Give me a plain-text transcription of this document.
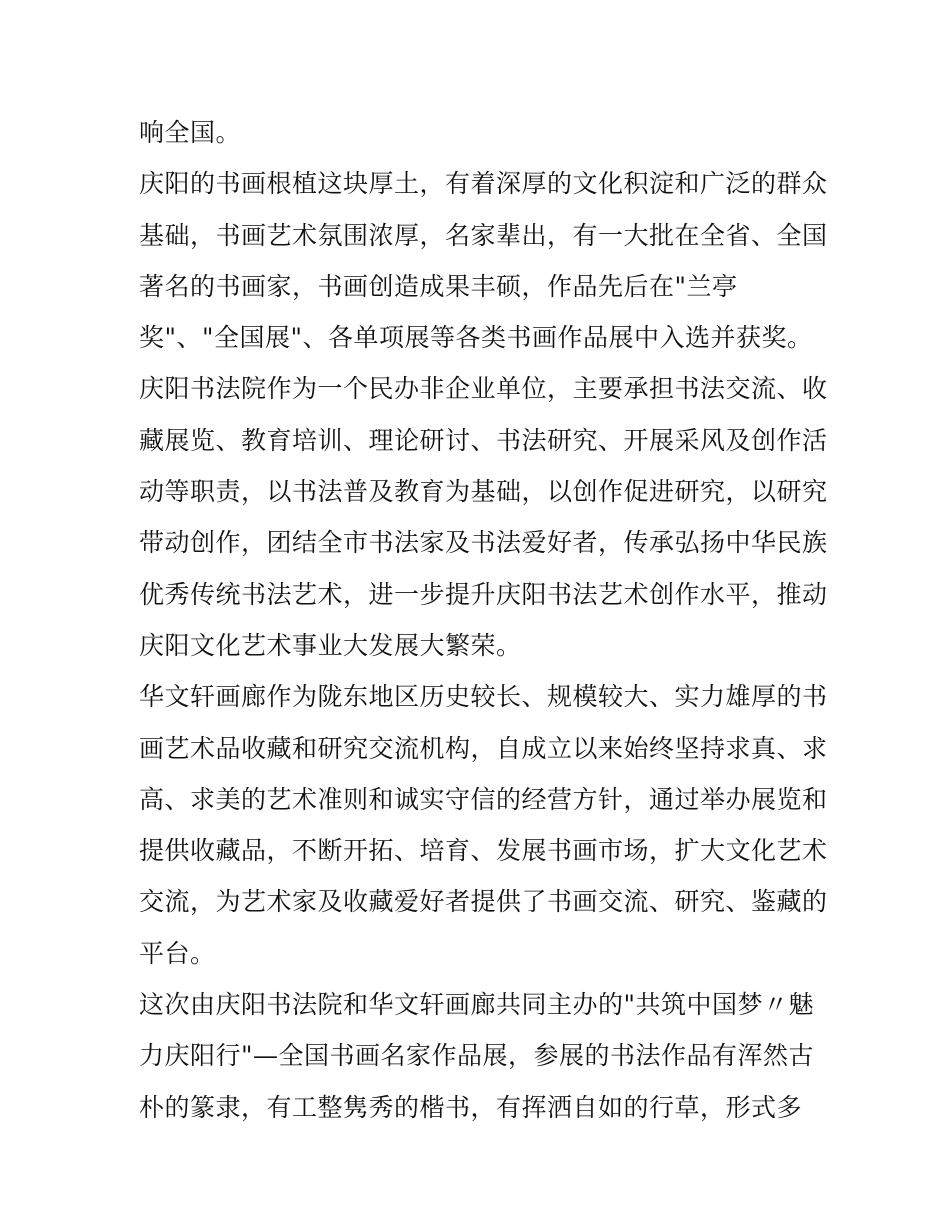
响全国。
庆阳的书画根植这块厚土，有着深厚的文化积淀和广泛的群众
基础，书画艺术氛围浓厚，名家辈出，有一大批在全省、全国
著名的书画家，书画创造成果丰硕，作品先后在"兰亭
奖"、"全国展"、各单项展等各类书画作品展中入选并获奖。
庆阳书法院作为一个民办非企业单位，主要承担书法交流、收
藏展览、教育培训、理论研讨、书法研究、开展采风及创作活
动等职责，以书法普及教育为基础，以创作促进研究，以研究
带动创作，团结全市书法家及书法爱好者，传承弘扬中华民族
优秀传统书法艺术，进一步提升庆阳书法艺术创作水平，推动
庆阳文化艺术事业大发展大繁荣。
华文轩画廊作为陇东地区历史较长、规模较大、实力雄厚的书
画艺术品收藏和研究交流机构，自成立以来始终坚持求真、求
高、求美的艺术准则和诚实守信的经营方针，通过举办展览和
提供收藏品，不断开拓、培育、发展书画市场，扩大文化艺术
交流，为艺术家及收藏爱好者提供了书画交流、研究、鉴藏的
平台。
这次由庆阳书法院和华文轩画廊共同主办的"共筑中国梦〃魅
力庆阳行"—全国书画名家作品展，参展的书法作品有浑然古
朴的篆隶，有工整隽秀的楷书，有挥洒自如的行草，形式多
